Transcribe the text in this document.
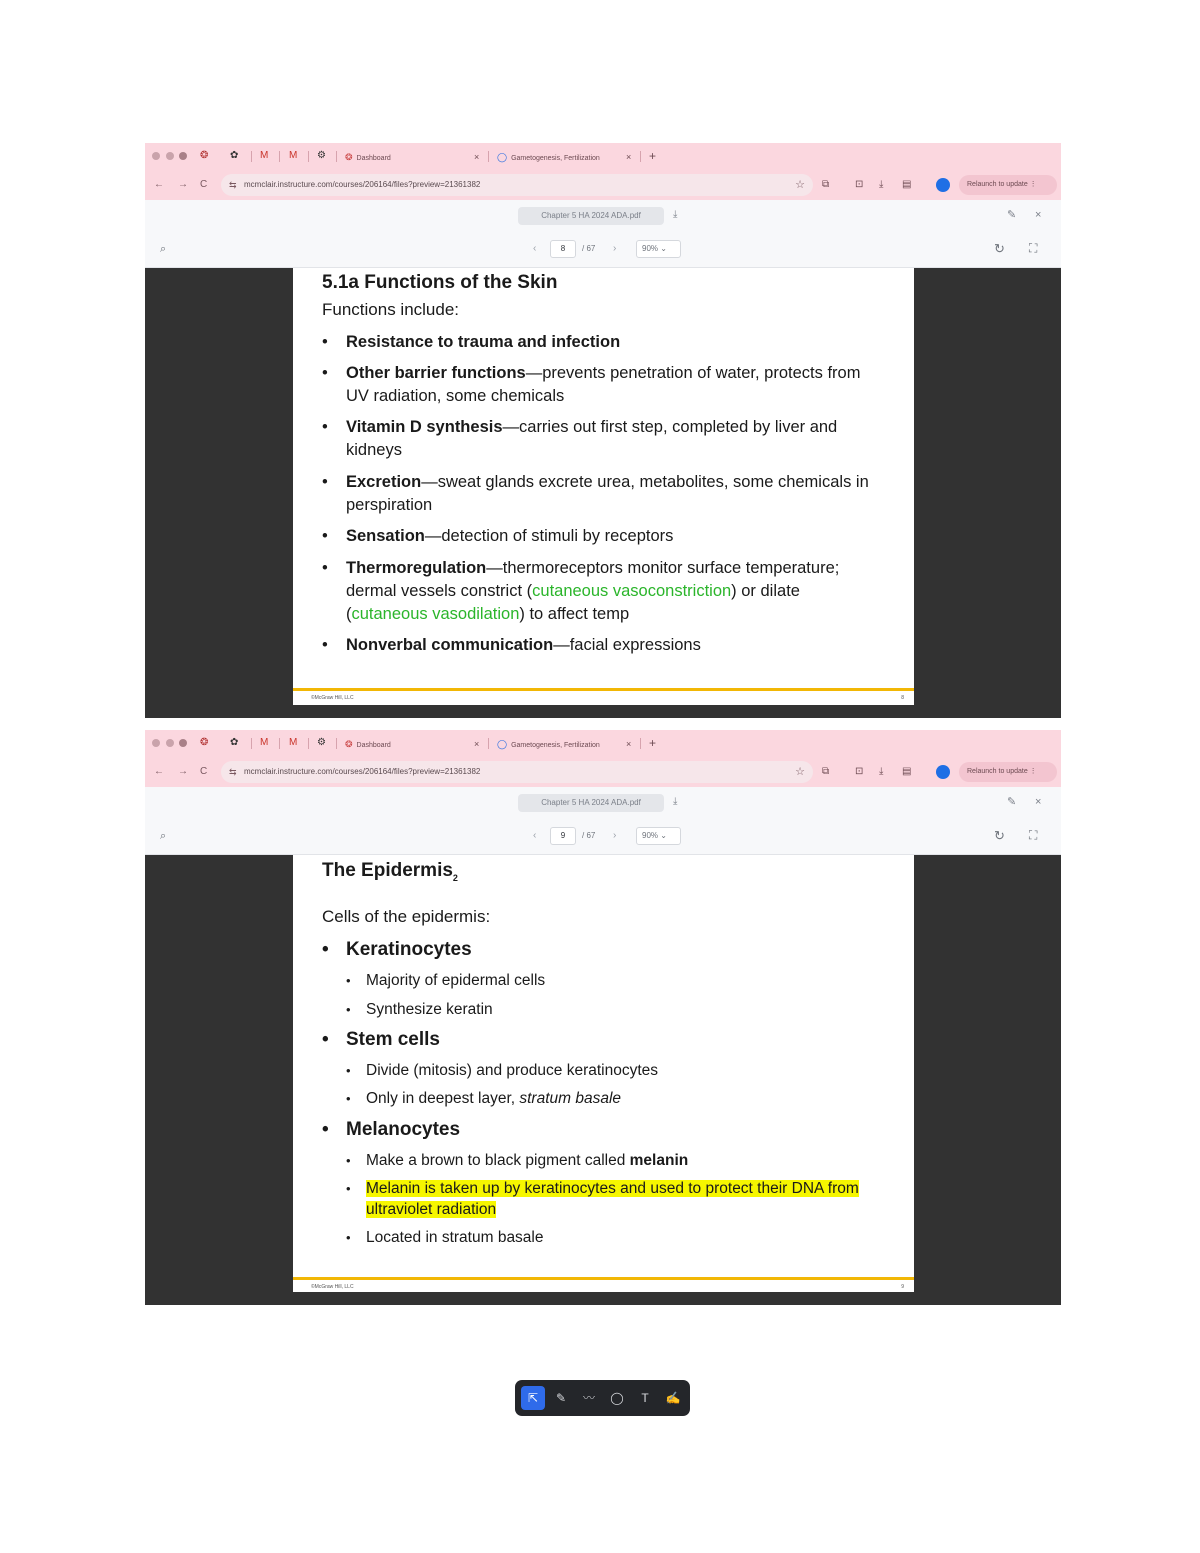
❂ ✿ M M ⚙ ❂ Dashboard	× ◯ Gametogenesis, Fertilization	× +
← → C ⇆ mcmclair.instructure.com/courses/206164/files?preview=21361382	☆ ⧉	⊡ ⤓ ▤	Relaunch to update ⋮
Chapter 5 HA 2024 ADA.pdf	⤓	✎ ×
⌕	‹	8	/ 67 ›	90% ⌄	↻ ⛶
5.1a Functions of the Skin
Functions include:
• Resistance to trauma and infection
• Other barrier functions—prevents penetration of water, protects from UV radiation, some chemicals
• Vitamin D synthesis—carries out first step, completed by liver and kidneys
• Excretion—sweat glands excrete urea, metabolites, some chemicals in perspiration
• Sensation—detection of stimuli by receptors
• Thermoregulation—thermoreceptors monitor surface temperature; dermal vessels constrict (cutaneous vasoconstriction) or dilate (cutaneous vasodilation) to affect temp
• Nonverbal communication—facial expressions
©McGraw Hill, LLC	8
❂ ✿ M M ⚙ ❂ Dashboard	× ◯ Gametogenesis, Fertilization	× +
← → C ⇆ mcmclair.instructure.com/courses/206164/files?preview=21361382	☆ ⧉	⊡ ⤓ ▤	Relaunch to update ⋮
Chapter 5 HA 2024 ADA.pdf	⤓	✎ ×
⌕	‹	9	/ 67 ›	90% ⌄	↻ ⛶
The Epidermis$_2$
Cells of the epidermis:
• Keratinocytes
• Majority of epidermal cells
• Synthesize keratin
• Stem cells
• Divide (mitosis) and produce keratinocytes
• Only in deepest layer, stratum basale
• Melanocytes
• Make a brown to black pigment called melanin
• Melanin is taken up by keratinocytes and used to protect their DNA from ultraviolet radiation
• Located in stratum basale
©McGraw Hill, LLC	9
⇱	✎	〰	◯	T	✍
